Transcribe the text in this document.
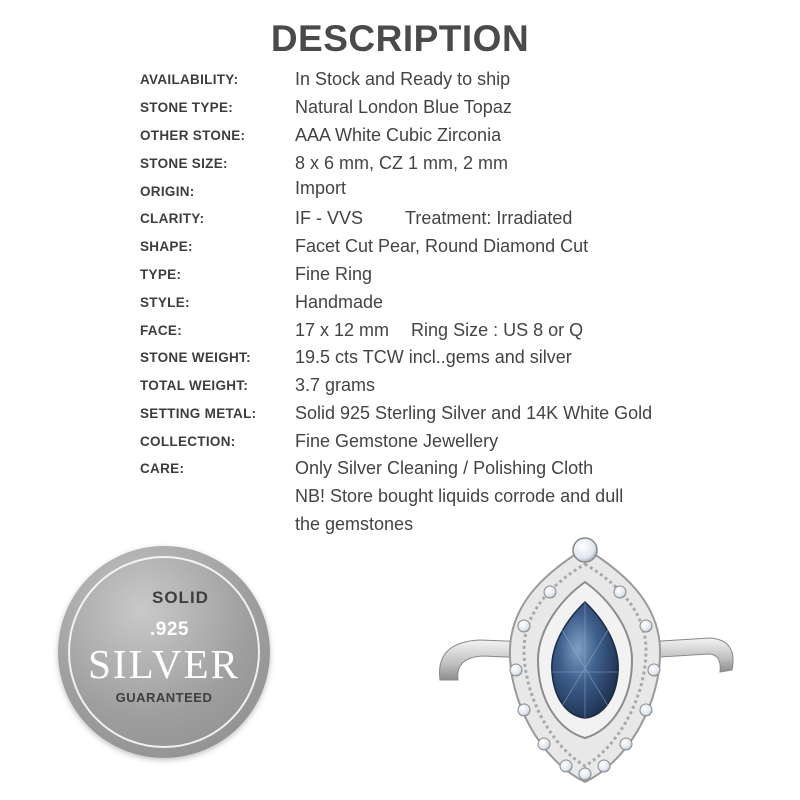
DESCRIPTION
AVAILABILITY:	In Stock and Ready to ship
STONE TYPE:	Natural London Blue Topaz
OTHER STONE:	AAA White Cubic Zirconia
STONE SIZE:	8 x 6 mm, CZ 1 mm, 2 mm
ORIGIN:	Import
CLARITY:	IF - VVS Treatment: Irradiated
SHAPE:	Facet Cut Pear, Round Diamond Cut
TYPE:	Fine Ring
STYLE:	Handmade
FACE:	17 x 12 mm Ring Size : US 8 or Q
STONE WEIGHT:	19.5 cts TCW incl..gems and silver
TOTAL WEIGHT:	3.7 grams
SETTING METAL:	Solid 925 Sterling Silver and 14K White Gold
COLLECTION:	Fine Gemstone Jewellery
CARE:	Only Silver Cleaning / Polishing Cloth
NB! Store bought liquids corrode and dull
the gemstones
SOLID
.925
SILVER
GUARANTEED
